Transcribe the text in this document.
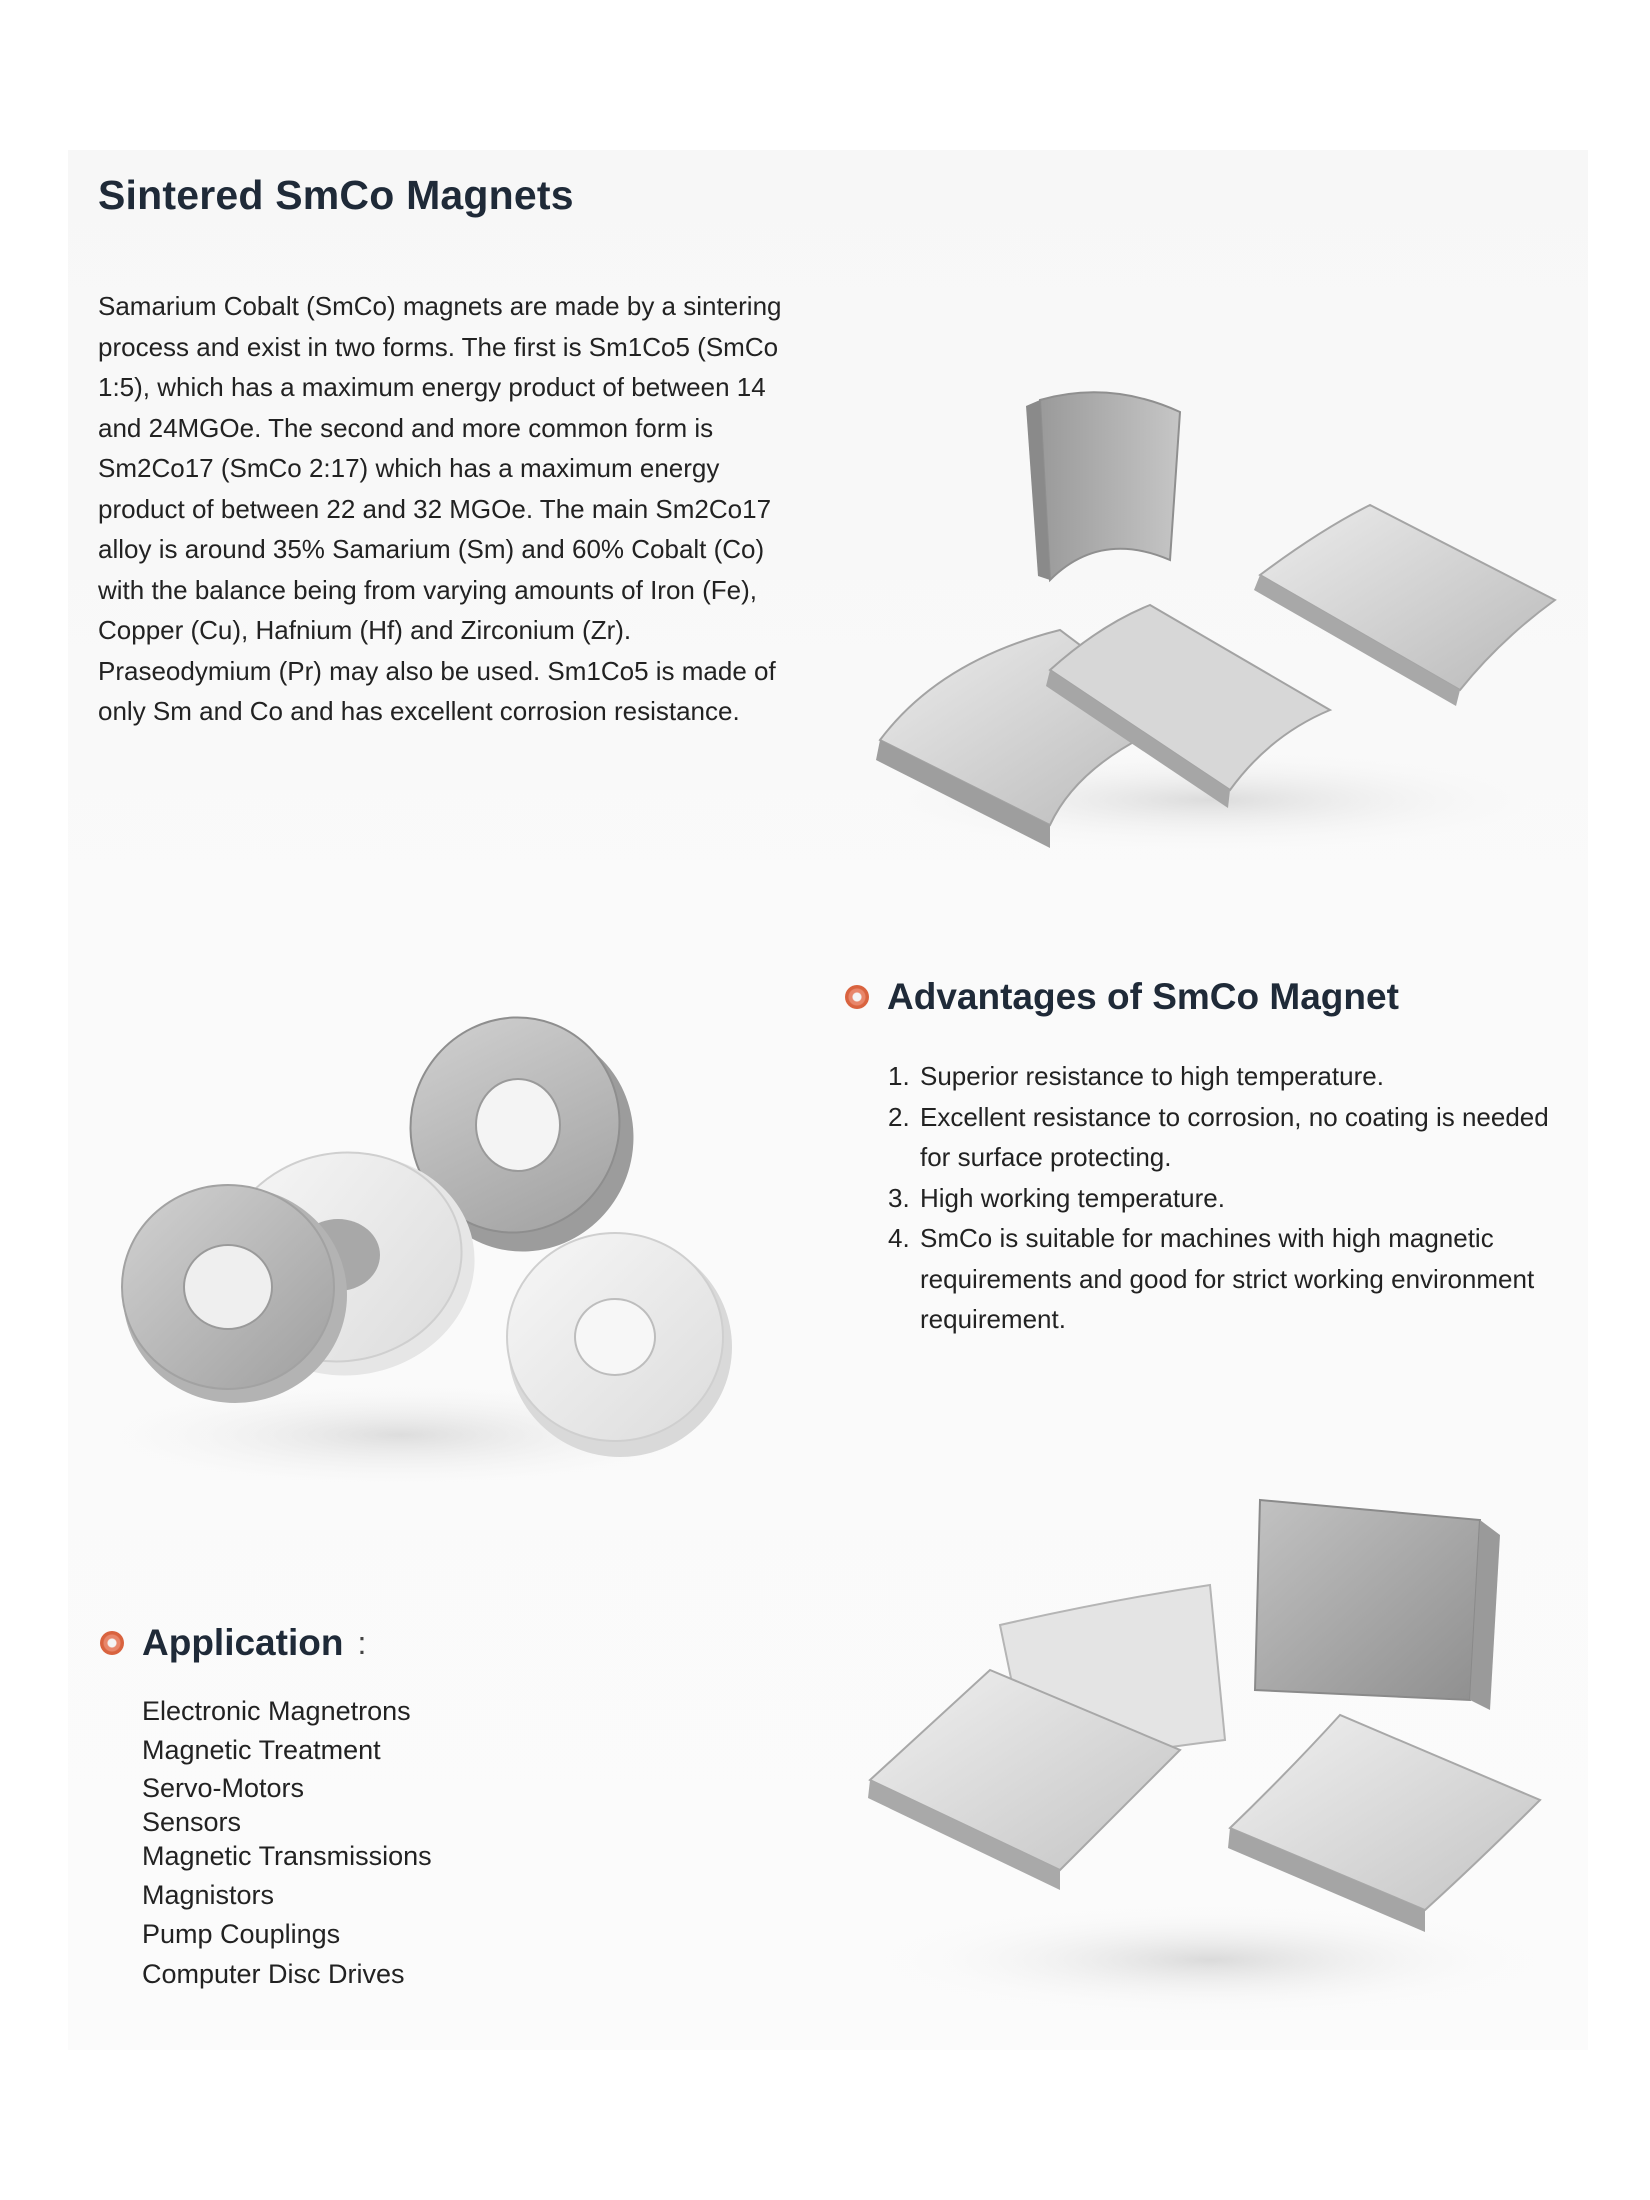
Sintered SmCo Magnets

Samarium Cobalt (SmCo) magnets are made by a sintering process and exist in two forms. The first is Sm1Co5 (SmCo 1:5), which has a maximum energy product of between 14 and 24MGOe. The second and more common form is Sm2Co17 (SmCo 2:17) which has a maximum energy product of between 22 and 32 MGOe. The main Sm2Co17 alloy is around 35% Samarium (Sm) and 60% Cobalt (Co) with the balance being from varying amounts of Iron (Fe), Copper (Cu), Hafnium (Hf) and Zirconium (Zr). Praseodymium (Pr) may also be used. Sm1Co5 is made of only Sm and Co and has excellent corrosion resistance.

Advantages of SmCo Magnet
1. Superior resistance to high temperature.
2. Excellent resistance to corrosion, no coating is needed for surface protecting.
3. High working temperature.
4. SmCo is suitable for machines with high magnetic requirements and good for strict working environment requirement.
Application :
Electronic Magnetrons
Magnetic Treatment
Servo-Motors
Sensors
Magnetic Transmissions
Magnistors
Pump Couplings
Computer Disc Drives
